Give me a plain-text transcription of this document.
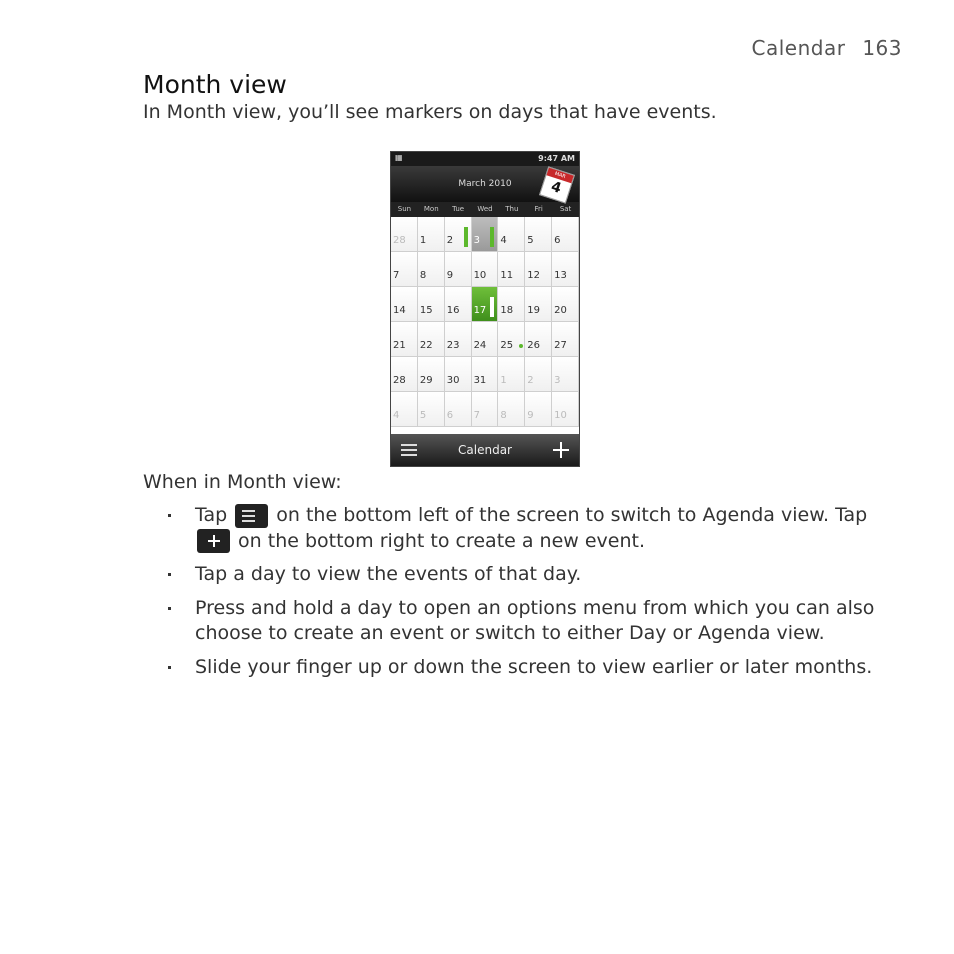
Calendar 163
Month view

In Month view, you’ll see markers on days that have events.

▦	9:47 AM
March 2010
MAR
4
Sun	Mon	Tue	Wed	Thu	Fri	Sat
28 1 2 3 4 5 6
7 8 9 10 11 12 13
14 15 16 17 18 19 20
21 22 23 24 25 26 27
28 29 30 31 1 2 3
4 5 6 7 8 9 10
Calendar

When in Month view:

Tap	on the bottom left of the screen to switch to Agenda view. Tap  on the bottom right to create a new event.
Tap a day to view the events of that day.
Press and hold a day to open an options menu from which you can also choose to create an event or switch to either Day or Agenda view.
Slide your finger up or down the screen to view earlier or later months.
